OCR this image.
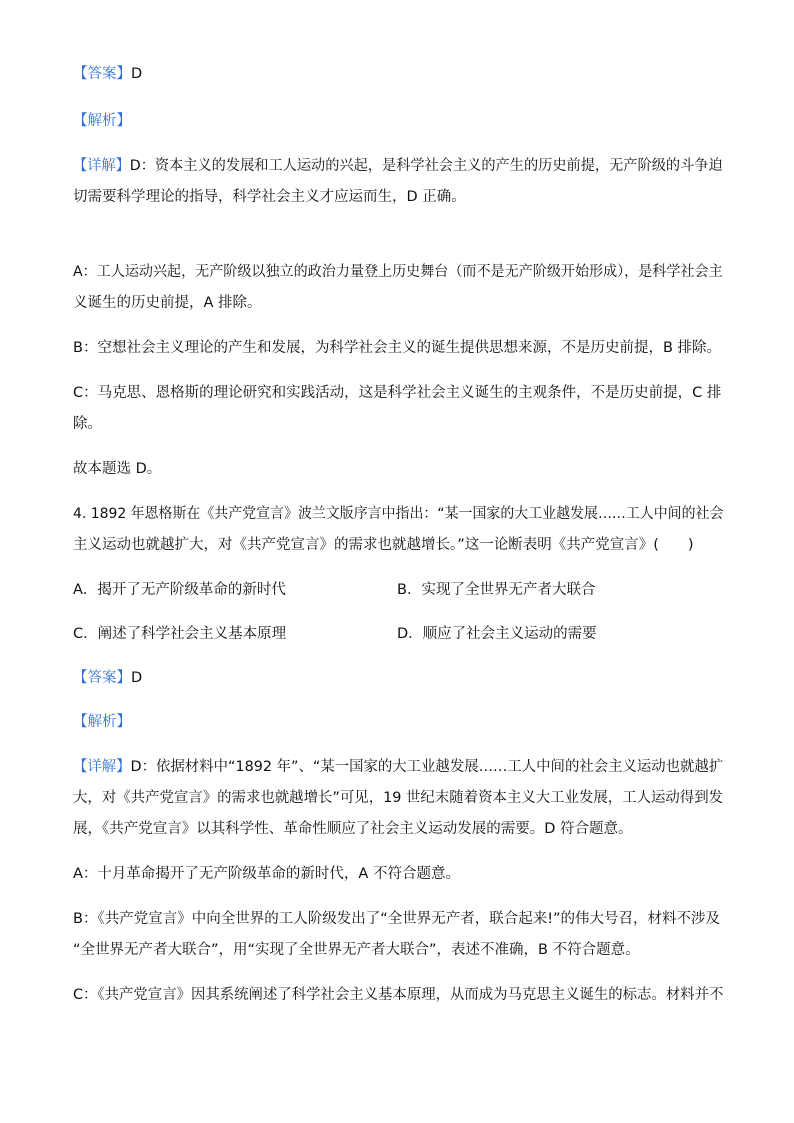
【答案】D
【解析】
【详解】D：资本主义的发展和工人运动的兴起，是科学社会主义的产生的历史前提，无产阶级的斗争迫
切需要科学理论的指导，科学社会主义才应运而生，D 正确。
A：工人运动兴起，无产阶级以独立的政治力量登上历史舞台（而不是无产阶级开始形成），是科学社会主
义诞生的历史前提，A 排除。
B：空想社会主义理论的产生和发展，为科学社会主义的诞生提供思想来源，不是历史前提，B 排除。
C：马克思、恩格斯的理论研究和实践活动，这是科学社会主义诞生的主观条件，不是历史前提，C 排
除。
故本题选 D。
4. 1892 年恩格斯在《共产党宣言》波兰文版序言中指出：“某一国家的大工业越发展……工人中间的社会
主义运动也就越扩大，对《共产党宣言》的需求也就越增长。”这一论断表明《共产党宣言》(　　)
A．揭开了无产阶级革命的新时代	B．实现了全世界无产者大联合
C．阐述了科学社会主义基本原理	D．顺应了社会主义运动的需要
【答案】D
【解析】
【详解】D：依据材料中“1892 年”、“某一国家的大工业越发展……工人中间的社会主义运动也就越扩
大，对《共产党宣言》的需求也就越增长”可见，19 世纪末随着资本主义大工业发展，工人运动得到发
展，《共产党宣言》以其科学性、革命性顺应了社会主义运动发展的需要。D 符合题意。
A：十月革命揭开了无产阶级革命的新时代，A 不符合题意。
B：《共产党宣言》中向全世界的工人阶级发出了“全世界无产者，联合起来!”的伟大号召，材料不涉及
“全世界无产者大联合”，用“实现了全世界无产者大联合”，表述不准确，B 不符合题意。
C：《共产党宣言》因其系统阐述了科学社会主义基本原理，从而成为马克思主义诞生的标志。材料并不
